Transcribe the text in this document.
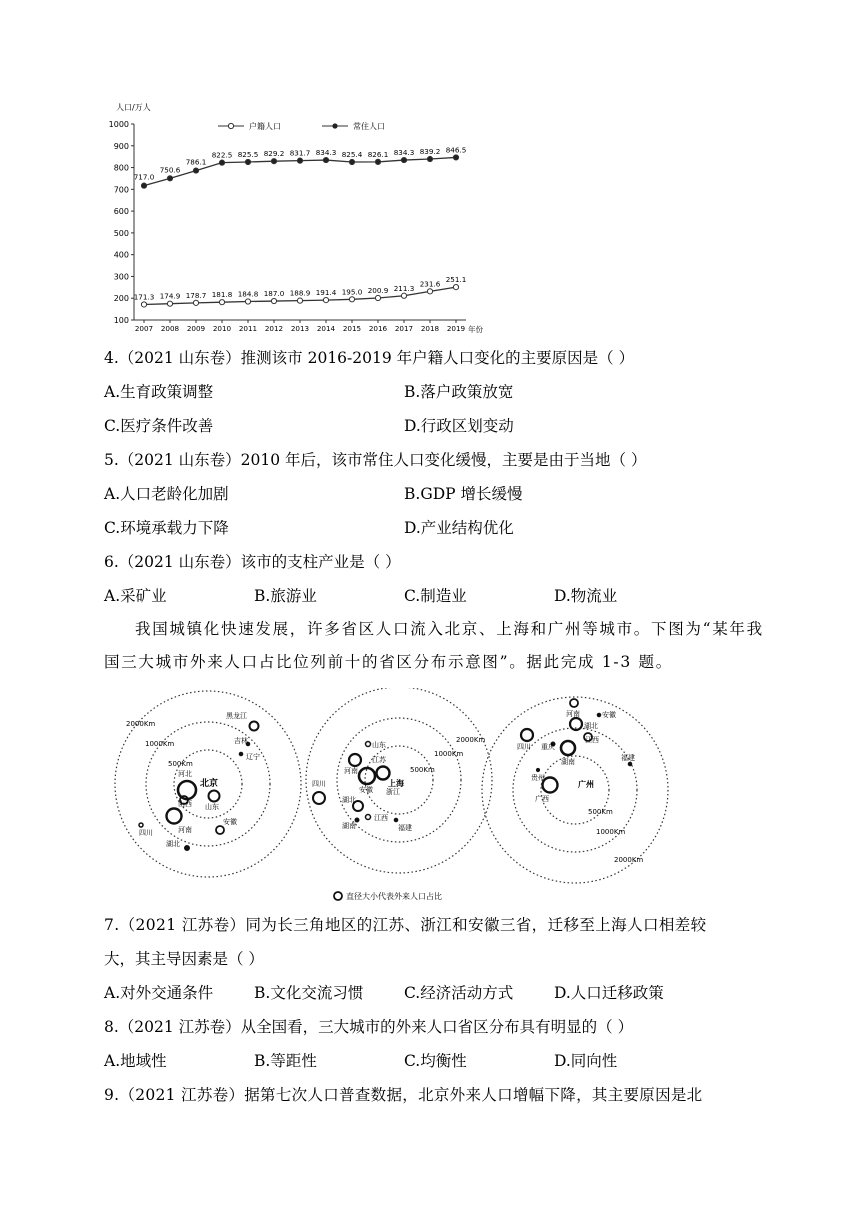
人口/万人
100
200
300
400
500
600
700
800
900
1000
2007 2008 2009 2010 2011 2012 2013 2014 2015 2016 2017 2018 2019 年份
户籍人口	常住人口
171.3 174.9 178.7 181.8 184.8 187.0 188.9 191.4 195.0 200.9 211.3 231.6 251.1
717.0
750.6
786.1
822.5 825.5 829.2 831.7 834.3 825.4 826.1 834.3 839.2 846.5
4.（2021 山东卷）推测该市 2016-2019 年户籍人口变化的主要原因是（ ）
A.生育政策调整	B.落户政策放宽
C.医疗条件改善	D.行政区划变动
5.（2021 山东卷）2010 年后，该市常住人口变化缓慢，主要是由于当地（ ）
A.人口老龄化加剧	B.GDP 增长缓慢
C.环境承载力下降	D.产业结构优化
6.（2021 山东卷）该市的支柱产业是（ ）
A.采矿业	B.旅游业	C.制造业	D.物流业
我国城镇化快速发展，许多省区人口流入北京、上海和广州等城市。下图为“某年我国三大城市外来人口占比位列前十的省区分布示意图”。据此完成 1-3 题。
2000Km
1000Km
500Km
北京
黑龙江
吉林
辽宁
河北
山西 山东
河南
安徽
四川
湖北
2000Km
1000Km
500Km
上海
山东
河南
江苏
安徽 浙江
四川
湖北
湖南
江西
福建
500Km
1000Km
2000Km
广州
安徽
河南
湖北
四川 重庆
江西
湖南	福建
贵州
广西
直径大小代表外来人口占比
7.（2021 江苏卷）同为长三角地区的江苏、浙江和安徽三省，迁移至上海人口相差较
大，其主导因素是（ ）
A.对外交通条件	B.文化交流习惯	C.经济活动方式	D.人口迁移政策
8.（2021 江苏卷）从全国看，三大城市的外来人口省区分布具有明显的（ ）
A.地域性	B.等距性	C.均衡性	D.同向性
9.（2021 江苏卷）据第七次人口普查数据，北京外来人口增幅下降，其主要原因是北
